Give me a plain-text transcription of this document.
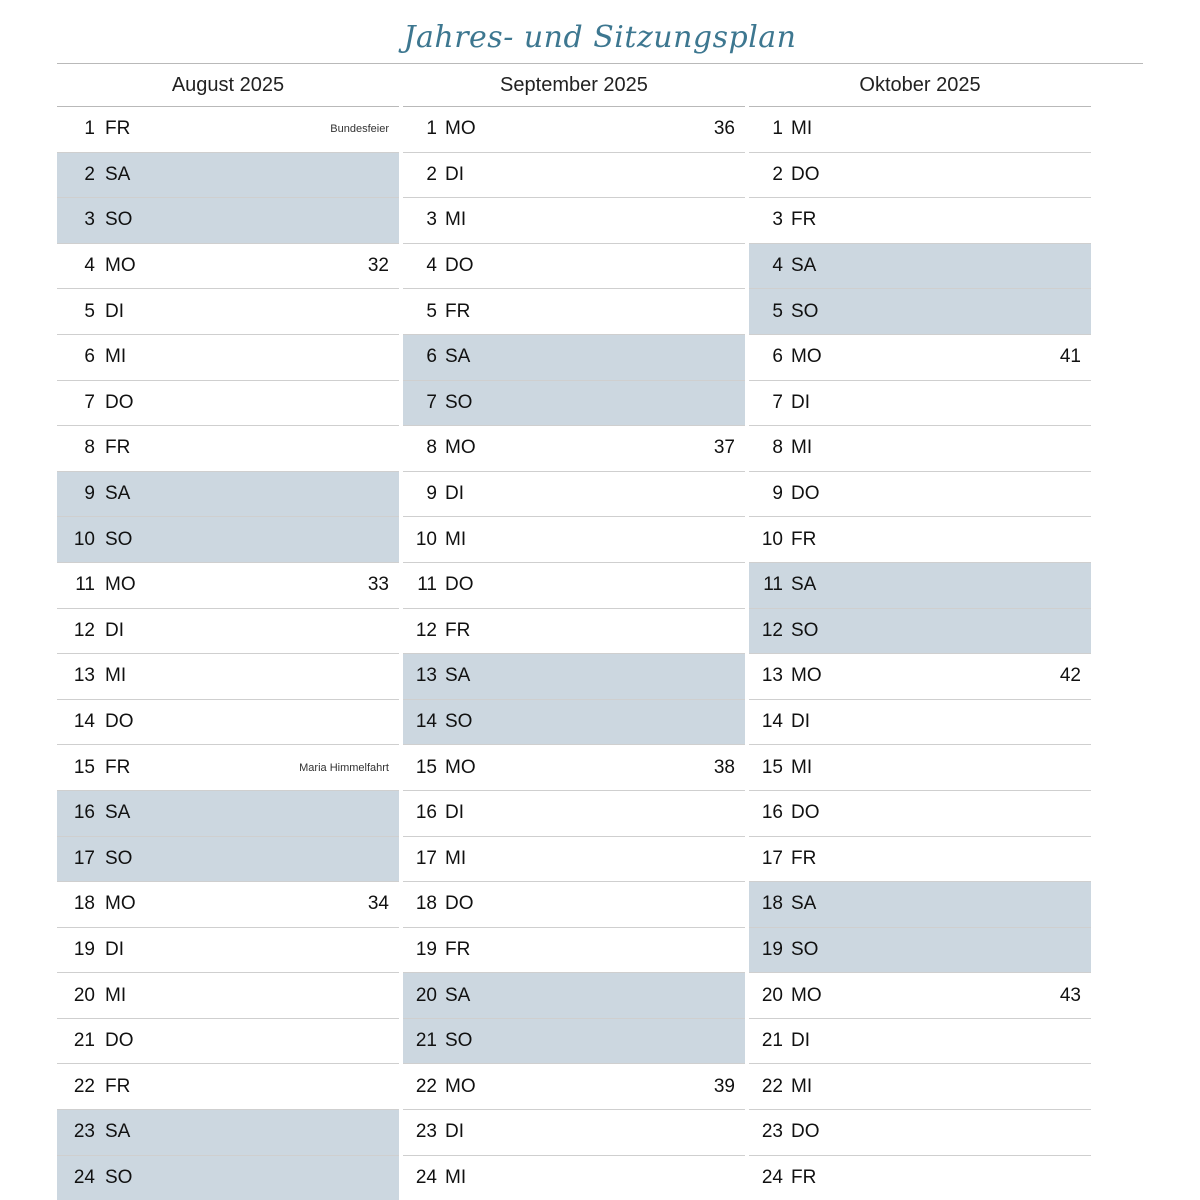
Jahres- und Sitzungsplan
August 2025
1 FR	Bundesfeier
2 SA
3 SO
4 MO	32
5 DI
6 MI
7 DO
8 FR
9 SA
10 SO
11 MO	33
12 DI
13 MI
14 DO
15 FR	Maria Himmelfahrt
16 SA
17 SO
18 MO	34
19 DI
20 MI
21 DO
22 FR
23 SA
24 SO
September 2025
1 MO	36
2 DI
3 MI
4 DO
5 FR
6 SA
7 SO
8 MO	37
9 DI
10 MI
11 DO
12 FR
13 SA
14 SO
15 MO	38
16 DI
17 MI
18 DO
19 FR
20 SA
21 SO
22 MO	39
23 DI
24 MI
Oktober 2025
1 MI
2 DO
3 FR
4 SA
5 SO
6 MO	41
7 DI
8 MI
9 DO
10 FR
11 SA
12 SO
13 MO	42
14 DI
15 MI
16 DO
17 FR
18 SA
19 SO
20 MO	43
21 DI
22 MI
23 DO
24 FR
